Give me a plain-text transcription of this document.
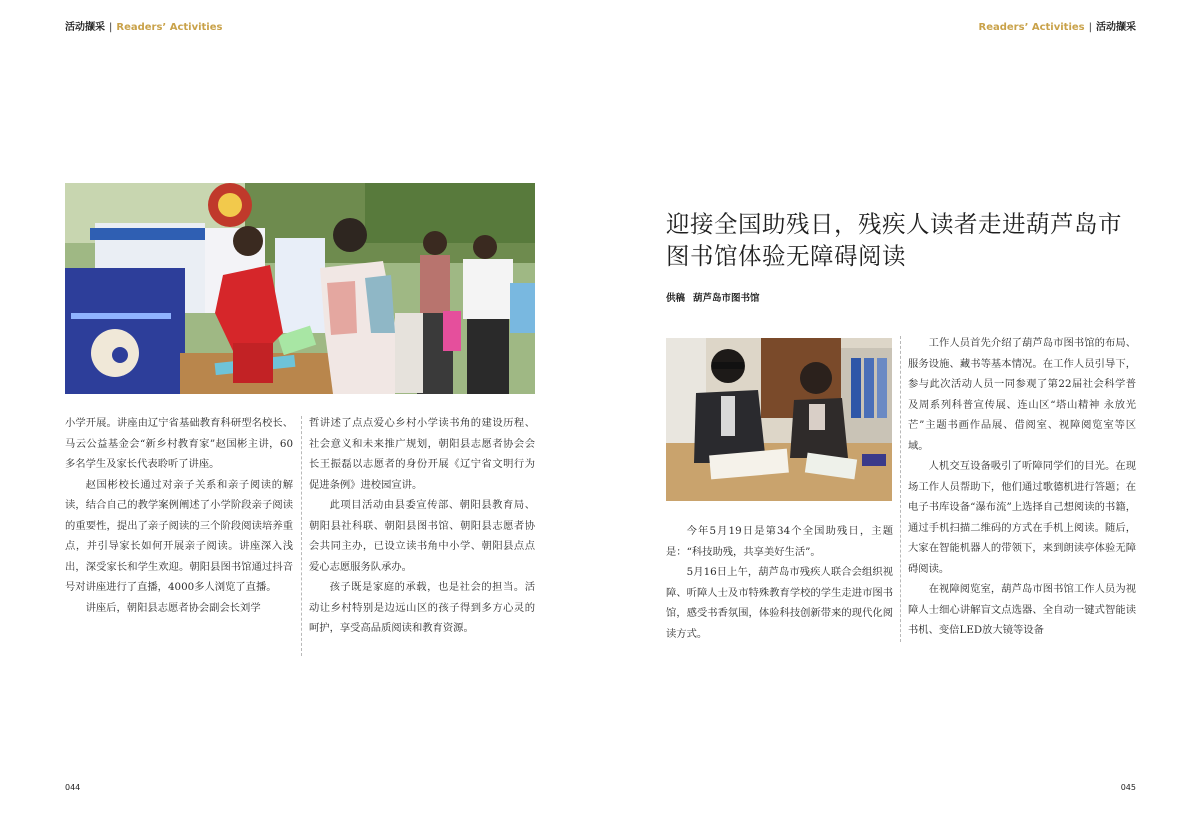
活动撷采 | Readers’ Activities	Readers’ Activities | 活动撷采

小学开展。讲座由辽宁省基础教育科研型名校长、马云公益基金会“新乡村教育家”赵国彬主讲，60多名学生及家长代表聆听了讲座。

赵国彬校长通过对亲子关系和亲子阅读的解读，结合自己的教学案例阐述了小学阶段亲子阅读的重要性，提出了亲子阅读的三个阶段阅读培养重点，并引导家长如何开展亲子阅读。讲座深入浅出，深受家长和学生欢迎。朝阳县图书馆通过抖音号对讲座进行了直播，4000多人浏览了直播。

讲座后，朝阳县志愿者协会副会长刘学

哲讲述了点点爱心乡村小学读书角的建设历程、社会意义和未来推广规划，朝阳县志愿者协会会长王振磊以志愿者的身份开展《辽宁省文明行为促进条例》进校园宣讲。

此项目活动由县委宣传部、朝阳县教育局、朝阳县社科联、朝阳县图书馆、朝阳县志愿者协会共同主办，已设立读书角中小学、朝阳县点点爱心志愿服务队承办。

孩子既是家庭的承载，也是社会的担当。活动让乡村特别是边远山区的孩子得到多方心灵的呵护，享受高品质阅读和教育资源。

044
迎接全国助残日，残疾人读者走进葫芦岛市
图书馆体验无障碍阅读
供稿 葫芦岛市图书馆

今年5月19日是第34个全国助残日，主题是：“科技助残，共享美好生活”。

5月16日上午，葫芦岛市残疾人联合会组织视障、听障人士及市特殊教育学校的学生走进市图书馆，感受书香氛围，体验科技创新带来的现代化阅读方式。

工作人员首先介绍了葫芦岛市图书馆的布局、服务设施、藏书等基本情况。在工作人员引导下，参与此次活动人员一同参观了第22届社会科学普及周系列科普宣传展、连山区“塔山精神 永放光芒”主题书画作品展、借阅室、视障阅览室等区域。

人机交互设备吸引了听障同学们的目光。在现场工作人员帮助下，他们通过歌德机进行答题；在电子书库设备“瀑布流”上选择自己想阅读的书籍，通过手机扫描二维码的方式在手机上阅读。随后，大家在智能机器人的带领下，来到朗读亭体验无障碍阅读。

在视障阅览室，葫芦岛市图书馆工作人员为视障人士细心讲解盲文点选器、全自动一键式智能读书机、变倍LED放大镜等设备

045
